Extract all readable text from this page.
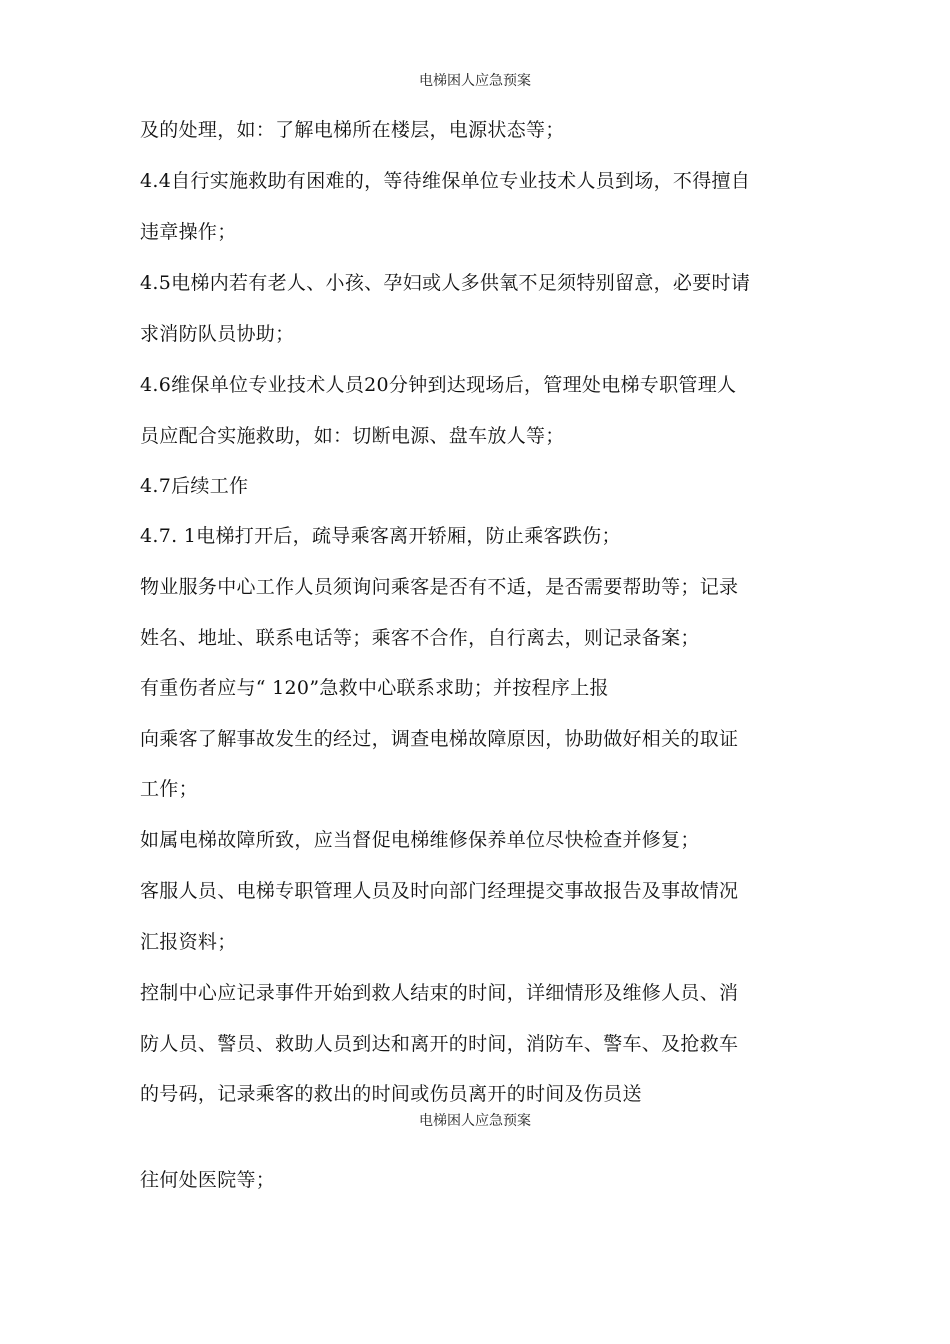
电梯困人应急预案
及的处理，如：了解电梯所在楼层，电源状态等；
4.4自行实施救助有困难的，等待维保单位专业技术人员到场，不得擅自
违章操作；
4.5电梯内若有老人、小孩、孕妇或人多供氧不足须特别留意，必要时请
求消防队员协助；
4.6维保单位专业技术人员20分钟到达现场后，管理处电梯专职管理人
员应配合实施救助，如：切断电源、盘车放人等；
4.7后续工作
4.7. 1电梯打开后，疏导乘客离开轿厢，防止乘客跌伤；
物业服务中心工作人员须询问乘客是否有不适，是否需要帮助等；记录
姓名、地址、联系电话等；乘客不合作，自行离去，则记录备案；
有重伤者应与“ 120”急救中心联系求助；并按程序上报
向乘客了解事故发生的经过，调查电梯故障原因，协助做好相关的取证
工作；
如属电梯故障所致，应当督促电梯维修保养单位尽快检查并修复；
客服人员、电梯专职管理人员及时向部门经理提交事故报告及事故情况
汇报资料；
控制中心应记录事件开始到救人结束的时间，详细情形及维修人员、消
防人员、警员、救助人员到达和离开的时间，消防车、警车、及抢救车
的号码，记录乘客的救出的时间或伤员离开的时间及伤员送
电梯困人应急预案
往何处医院等；
